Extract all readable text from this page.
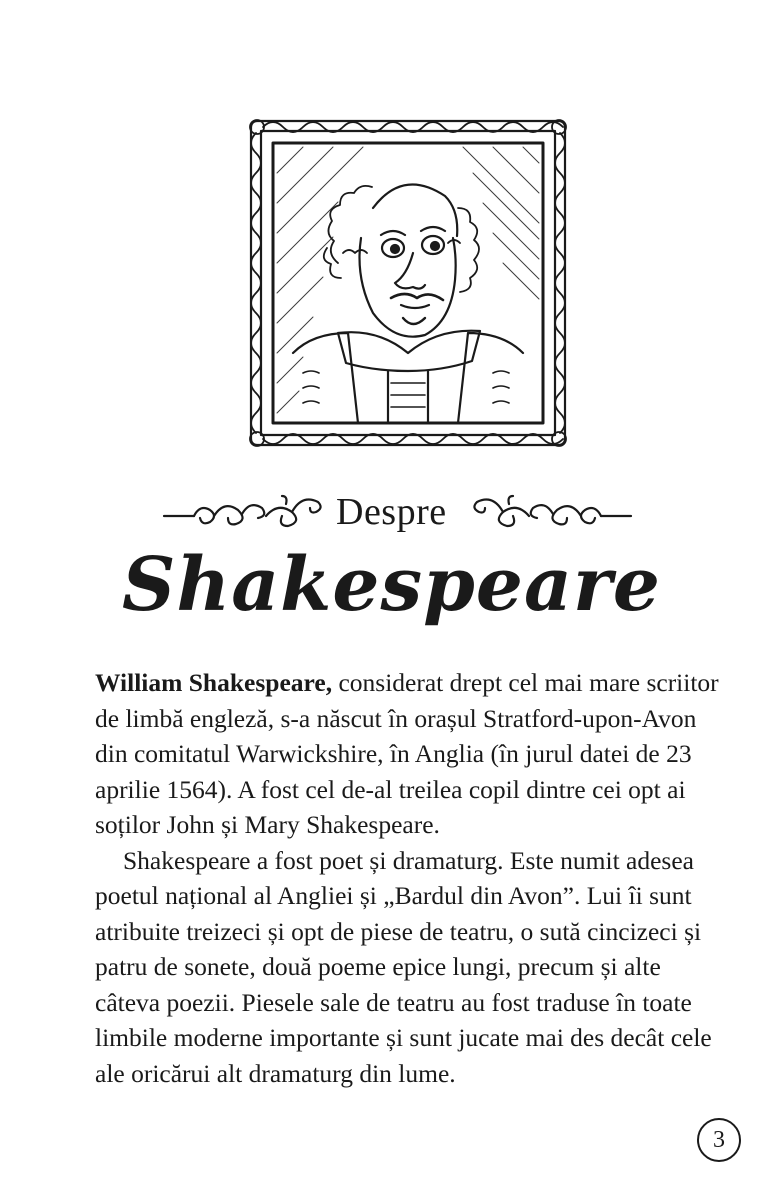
Despre
Shakespeare

William Shakespeare, considerat drept cel mai mare scriitor de limbă engleză, s-a născut în orașul Stratford-upon-Avon din comitatul Warwickshire, în Anglia (în jurul datei de 23 aprilie 1564). A fost cel de-al treilea copil dintre cei opt ai soților John și Mary Shakespeare.

Shakespeare a fost poet și dramaturg. Este numit adesea poetul național al Angliei și „Bardul din Avon”. Lui îi sunt atribuite treizeci și opt de piese de teatru, o sută cincizeci și patru de sonete, două poeme epice lungi, precum și alte câteva poezii. Piesele sale de teatru au fost traduse în toate limbile moderne importante și sunt jucate mai des decât cele ale oricărui alt dramaturg din lume.

3
